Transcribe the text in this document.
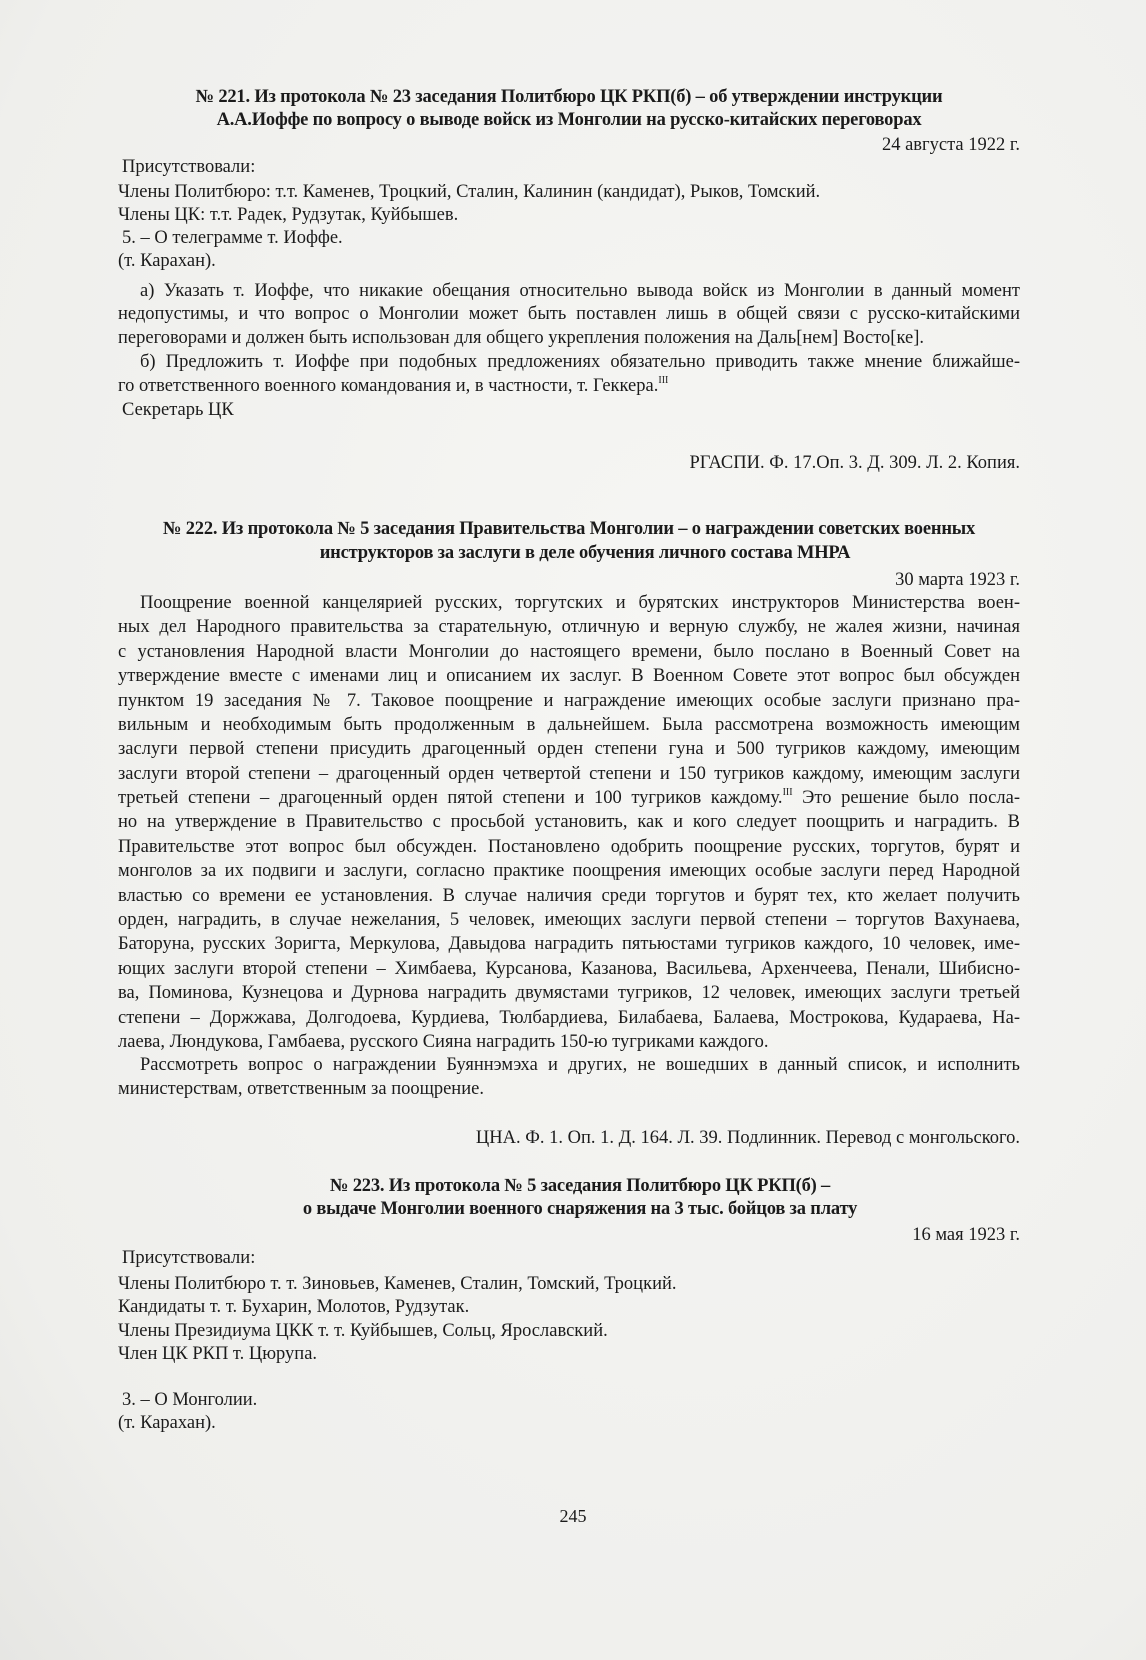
№ 221. Из протокола № 23 заседания Политбюро ЦК РКП(б) – об утверждении инструкции
А.А.Иоффе по вопросу о выводе войск из Монголии на русско-китайских переговорах
24 августа 1922 г.
Присутствовали:
Члены Политбюро: т.т. Каменев, Троцкий, Сталин, Калинин (кандидат), Рыков, Томский.
Члены ЦК: т.т. Радек, Рудзутак, Куйбышев.
5. – О телеграмме т. Иоффе.
(т. Карахан).
а) Указать т. Иоффе, что никакие обещания относительно вывода войск из Монголии в данный момент
недопустимы, и что вопрос о Монголии может быть поставлен лишь в общей связи с русско-китайскими
переговорами и должен быть использован для общего укрепления положения на Даль[нем] Восто[ке].
б) Предложить т. Иоффе при подобных предложениях обязательно приводить также мнение ближайше-
го ответственного военного командования и, в частности, т. Геккера.$^{III}$
Секретарь ЦК
РГАСПИ. Ф. 17.Оп. 3. Д. 309. Л. 2. Копия.
№ 222. Из протокола № 5 заседания Правительства Монголии – о награждении советских военных
инструкторов за заслуги в деле обучения личного состава МНРА
30 марта 1923 г.
Поощрение военной канцелярией русских, торгутских и бурятских инструкторов Министерства воен-
ных дел Народного правительства за старательную, отличную и верную службу, не жалея жизни, начиная
с установления Народной власти Монголии до настоящего времени, было послано в Военный Совет на
утверждение вместе с именами лиц и описанием их заслуг. В Военном Совете этот вопрос был обсужден
пунктом 19 заседания № 7. Таковое поощрение и награждение имеющих особые заслуги признано пра-
вильным и необходимым быть продолженным в дальнейшем. Была рассмотрена возможность имеющим
заслуги первой степени присудить драгоценный орден степени гуна и 500 тугриков каждому, имеющим
заслуги второй степени – драгоценный орден четвертой степени и 150 тугриков каждому, имеющим заслуги
третьей степени – драгоценный орден пятой степени и 100 тугриков каждому.$^{III}$ Это решение было посла-
но на утверждение в Правительство с просьбой установить, как и кого следует поощрить и наградить. В
Правительстве этот вопрос был обсужден. Постановлено одобрить поощрение русских, торгутов, бурят и
монголов за их подвиги и заслуги, согласно практике поощрения имеющих особые заслуги перед Народной
властью со времени ее установления. В случае наличия среди торгутов и бурят тех, кто желает получить
орден, наградить, в случае нежелания, 5 человек, имеющих заслуги первой степени – торгутов Вахунаева,
Баторуна, русских Зоригта, Меркулова, Давыдова наградить пятьюстами тугриков каждого, 10 человек, име-
ющих заслуги второй степени – Химбаева, Курсанова, Казанова, Васильева, Архенчеева, Пенали, Шибисно-
ва, Поминова, Кузнецова и Дурнова наградить двумястами тугриков, 12 человек, имеющих заслуги третьей
степени – Доржжава, Долгодоева, Курдиева, Тюлбардиева, Билабаева, Балаева, Мострокова, Кудараева, На-
лаева, Люндукова, Гамбаева, русского Сияна наградить 150-ю тугриками каждого.
Рассмотреть вопрос о награждении Буяннэмэха и других, не вошедших в данный список, и исполнить
министерствам, ответственным за поощрение.
ЦНА. Ф. 1. Оп. 1. Д. 164. Л. 39. Подлинник. Перевод с монгольского.
№ 223. Из протокола № 5 заседания Политбюро ЦК РКП(б) –
о выдаче Монголии военного снаряжения на 3 тыс. бойцов за плату
16 мая 1923 г.
Присутствовали:
Члены Политбюро т. т. Зиновьев, Каменев, Сталин, Томский, Троцкий.
Кандидаты т. т. Бухарин, Молотов, Рудзутак.
Члены Президиума ЦКК т. т. Куйбышев, Сольц, Ярославский.
Член ЦК РКП т. Цюрупа.
3. – О Монголии.
(т. Карахан).
245
